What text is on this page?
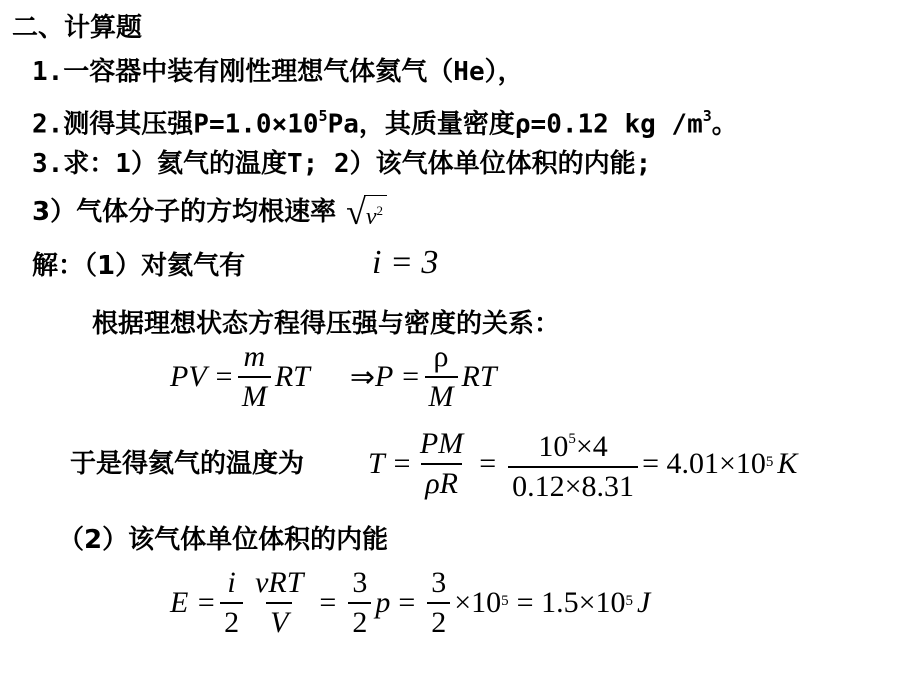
二、计算题
1.一容器中装有刚性理想气体氦气（He），
2.测得其压强$P=1.0\times 10^5Pa$，其质量密度ρ=0.12 kg $/m^3$。
3.求：1）氦气的温度T; 2）该气体单位体积的内能;
3）气体分子的方均根速率 √ $v^2$
解：（1）对氦气有	i = 3
根据理想状态方程得压强与密度的关系：
PV = $\frac{m}{M}$ RT ⇒ $P = \frac{\rho}{M}$ RT
于是得氦气的温度为 $T = \frac{PM}{\rho R} = \frac{10^5\times 4}{0.12\times 8.31} = 4.01\times 10^5$ K
（2）该气体单位体积的内能
$E = \frac{i}{2} \frac{\text{νRT}}{V} = \frac{3}{2}$ $p = \frac{3}{2} \times 10^5 = 1.5\times 10^5$ J
